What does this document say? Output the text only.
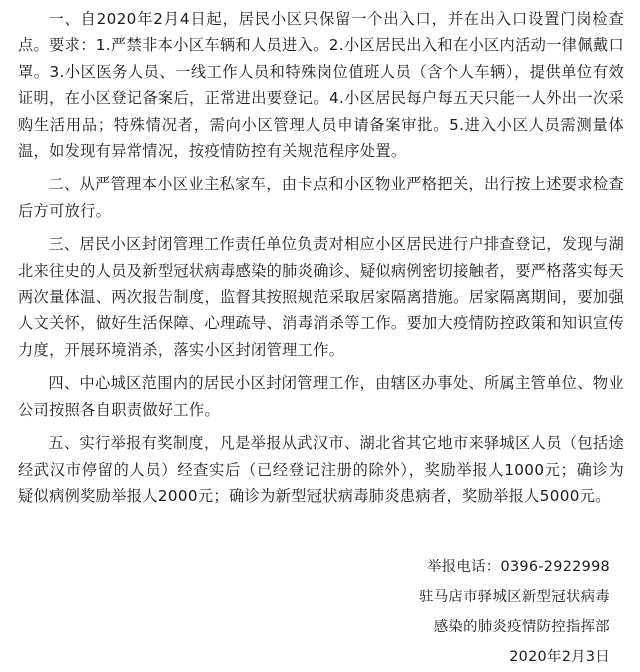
一、自2020年2月4日起，居民小区只保留一个出入口，并在出入口设置门岗检查点。要求：1.严禁非本小区车辆和人员进入。2.小区居民出入和在小区内活动一律佩戴口罩。3.小区医务人员、一线工作人员和特殊岗位值班人员（含个人车辆），提供单位有效证明，在小区登记备案后，正常进出要登记。4.小区居民每户每五天只能一人外出一次采购生活用品；特殊情况者，需向小区管理人员申请备案审批。5.进入小区人员需测量体温，如发现有异常情况，按疫情防控有关规范程序处置。

二、从严管理本小区业主私家车，由卡点和小区物业严格把关，出行按上述要求检查后方可放行。

三、居民小区封闭管理工作责任单位负责对相应小区居民进行户排查登记，发现与湖北来往史的人员及新型冠状病毒感染的肺炎确诊、疑似病例密切接触者，要严格落实每天两次量体温、两次报告制度，监督其按照规范采取居家隔离措施。居家隔离期间，要加强人文关怀，做好生活保障、心理疏导、消毒消杀等工作。要加大疫情防控政策和知识宣传力度，开展环境消杀，落实小区封闭管理工作。

四、中心城区范围内的居民小区封闭管理工作，由辖区办事处、所属主管单位、物业公司按照各自职责做好工作。

五、实行举报有奖制度，凡是举报从武汉市、湖北省其它地市来驿城区人员（包括途经武汉市停留的人员）经查实后（已经登记注册的除外），奖励举报人1000元；确诊为疑似病例奖励举报人2000元；确诊为新型冠状病毒肺炎患病者，奖励举报人5000元。

举报电话：0396-2922998
驻马店市驿城区新型冠状病毒
感染的肺炎疫情防控指挥部
2020年2月3日
